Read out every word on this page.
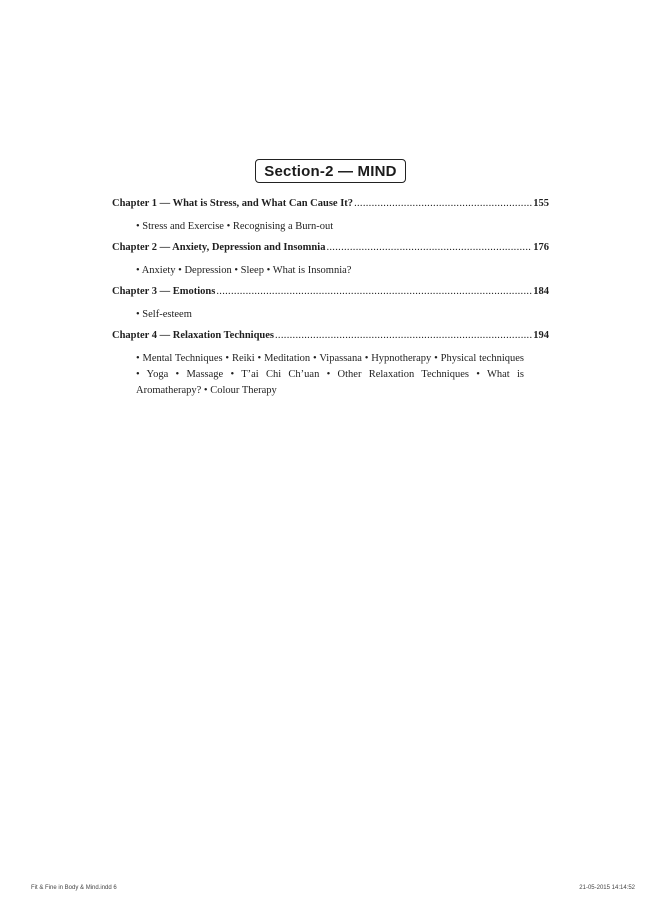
Section-2 — MIND
Chapter 1 — What is Stress, and What Can Cause It? .....	155
• Stress and Exercise • Recognising a Burn-out
Chapter 2 — Anxiety, Depression and Insomnia .....	176
• Anxiety • Depression • Sleep • What is Insomnia?
Chapter 3 — Emotions .....	184
• Self-esteem
Chapter 4 — Relaxation Techniques .....	194
• Mental Techniques • Reiki • Meditation • Vipassana • Hypnotherapy • Physical techniques • Yoga • Massage • T’ai Chi Ch’uan • Other Relaxation Techniques • What is Aromatherapy? • Colour Therapy
Fit & Fine in Body & Mind.indd 6	21-05-2015 14:14:52
